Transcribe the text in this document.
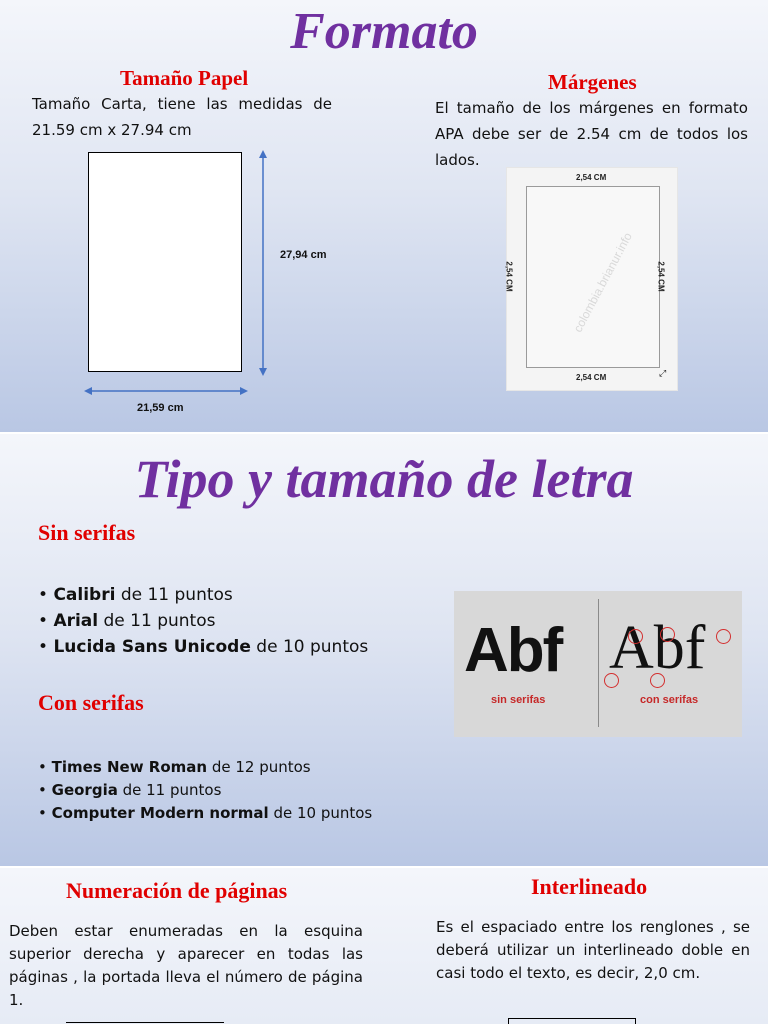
Formato
Tamaño Papel

Tamaño Carta, tiene las medidas de 21.59 cm x 27.94 cm

27,94 cm
21,59 cm
Márgenes

El tamaño de los márgenes en formato APA debe ser de 2.54 cm de todos los lados.

colombia.brianur.info
2,54 CM
2,54 CM
2,54 CM	2,54 CM
⤢
Tipo y tamaño de letra
Sin serifas
• Calibri de 11 puntos
• Arial de 11 puntos
• Lucida Sans Unicode de 10 puntos
Con serifas
• Times New Roman de 12 puntos
• Georgia de 11 puntos
• Computer Modern normal de 10 puntos
Abf
sin serifas
Abf
con serifas
Numeración de páginas

Deben estar enumeradas en la esquina superior derecha y aparecer en todas las páginas , la portada lleva el número de página 1.

Interlineado

Es el espaciado entre los renglones , se deberá utilizar un interlineado doble en casi todo el texto, es decir, 2,0 cm.
